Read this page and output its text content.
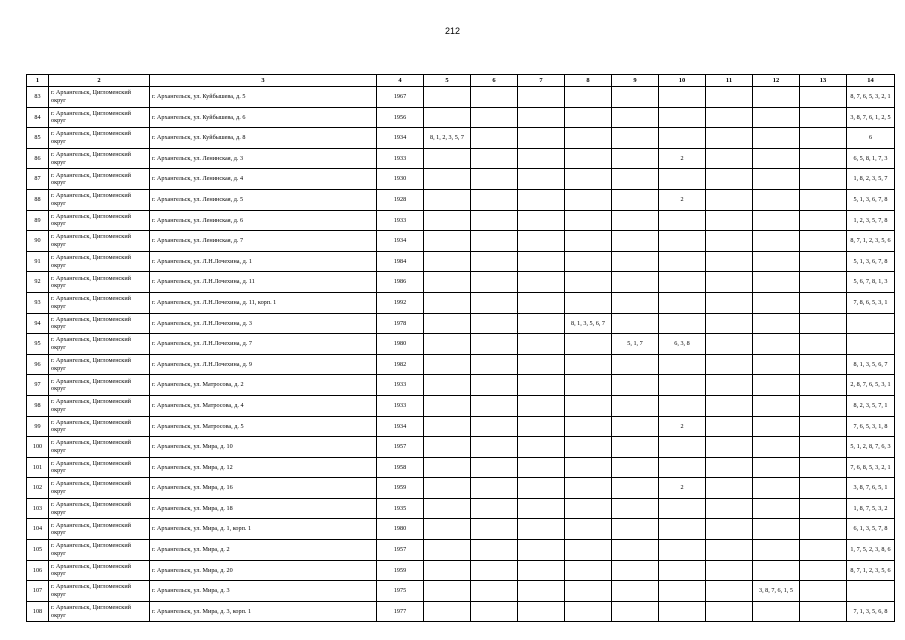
212
1	2	3	4	5	6	7	8	9	10	11	12	13	14
83	г. Архангельск, Цигломенский округ	г. Архангельск, ул. Куйбышева, д. 5	1967										8, 7, 6, 5, 3, 2, 1
84	г. Архангельск, Цигломенский округ	г. Архангельск, ул. Куйбышева, д. 6	1956										3, 8, 7, 6, 1, 2, 5
85	г. Архангельск, Цигломенский округ	г. Архангельск, ул. Куйбышева, д. 8	1934	8, 1, 2, 3, 5, 7									6
86	г. Архангельск, Цигломенский округ	г. Архангельск, ул. Ленинская, д. 3	1933						2				6, 5, 8, 1, 7, 3
87	г. Архангельск, Цигломенский округ	г. Архангельск, ул. Ленинская, д. 4	1930										1, 8, 2, 3, 5, 7
88	г. Архангельск, Цигломенский округ	г. Архангельск, ул. Ленинская, д. 5	1928						2				5, 1, 3, 6, 7, 8
89	г. Архангельск, Цигломенский округ	г. Архангельск, ул. Ленинская, д. 6	1933										1, 2, 3, 5, 7, 8
90	г. Архангельск, Цигломенский округ	г. Архангельск, ул. Ленинская, д. 7	1934										8, 7, 1, 2, 3, 5, 6
91	г. Архангельск, Цигломенский округ	г. Архангельск, ул. Л.Н.Лочехина, д. 1	1984										5, 1, 3, 6, 7, 8
92	г. Архангельск, Цигломенский округ	г. Архангельск, ул. Л.Н.Лочехина, д. 11	1986										5, 6, 7, 8, 1, 3
93	г. Архангельск, Цигломенский округ	г. Архангельск, ул. Л.Н.Лочехина, д. 11, корп. 1	1992										7, 8, 6, 5, 3, 1
94	г. Архангельск, Цигломенский округ	г. Архангельск, ул. Л.Н.Лочехина, д. 3	1978				8, 1, 3, 5, 6, 7						
95	г. Архангельск, Цигломенский округ	г. Архангельск, ул. Л.Н.Лочехина, д. 7	1980					5, 1, 7	6, 3, 8				
96	г. Архангельск, Цигломенский округ	г. Архангельск, ул. Л.Н.Лочехина, д. 9	1982										8, 1, 3, 5, 6, 7
97	г. Архангельск, Цигломенский округ	г. Архангельск, ул. Матросова, д. 2	1933										2, 8, 7, 6, 5, 3, 1
98	г. Архангельск, Цигломенский округ	г. Архангельск, ул. Матросова, д. 4	1933										8, 2, 3, 5, 7, 1
99	г. Архангельск, Цигломенский округ	г. Архангельск, ул. Матросова, д. 5	1934						2				7, 6, 5, 3, 1, 8
100	г. Архангельск, Цигломенский округ	г. Архангельск, ул. Мира, д. 10	1957										5, 1, 2, 8, 7, 6, 3
101	г. Архангельск, Цигломенский округ	г. Архангельск, ул. Мира, д. 12	1958										7, 6, 8, 5, 3, 2, 1
102	г. Архангельск, Цигломенский округ	г. Архангельск, ул. Мира, д. 16	1959						2				3, 8, 7, 6, 5, 1
103	г. Архангельск, Цигломенский округ	г. Архангельск, ул. Мира, д. 18	1935										1, 8, 7, 5, 3, 2
104	г. Архангельск, Цигломенский округ	г. Архангельск, ул. Мира, д. 1, корп. 1	1980										6, 1, 3, 5, 7, 8
105	г. Архангельск, Цигломенский округ	г. Архангельск, ул. Мира, д. 2	1957										1, 7, 5, 2, 3, 8, 6
106	г. Архангельск, Цигломенский округ	г. Архангельск, ул. Мира, д. 20	1959										8, 7, 1, 2, 3, 5, 6
107	г. Архангельск, Цигломенский округ	г. Архангельск, ул. Мира, д. 3	1975								3, 8, 7, 6, 1, 5		
108	г. Архангельск, Цигломенский округ	г. Архангельск, ул. Мира, д. 3, корп. 1	1977										7, 1, 3, 5, 6, 8
